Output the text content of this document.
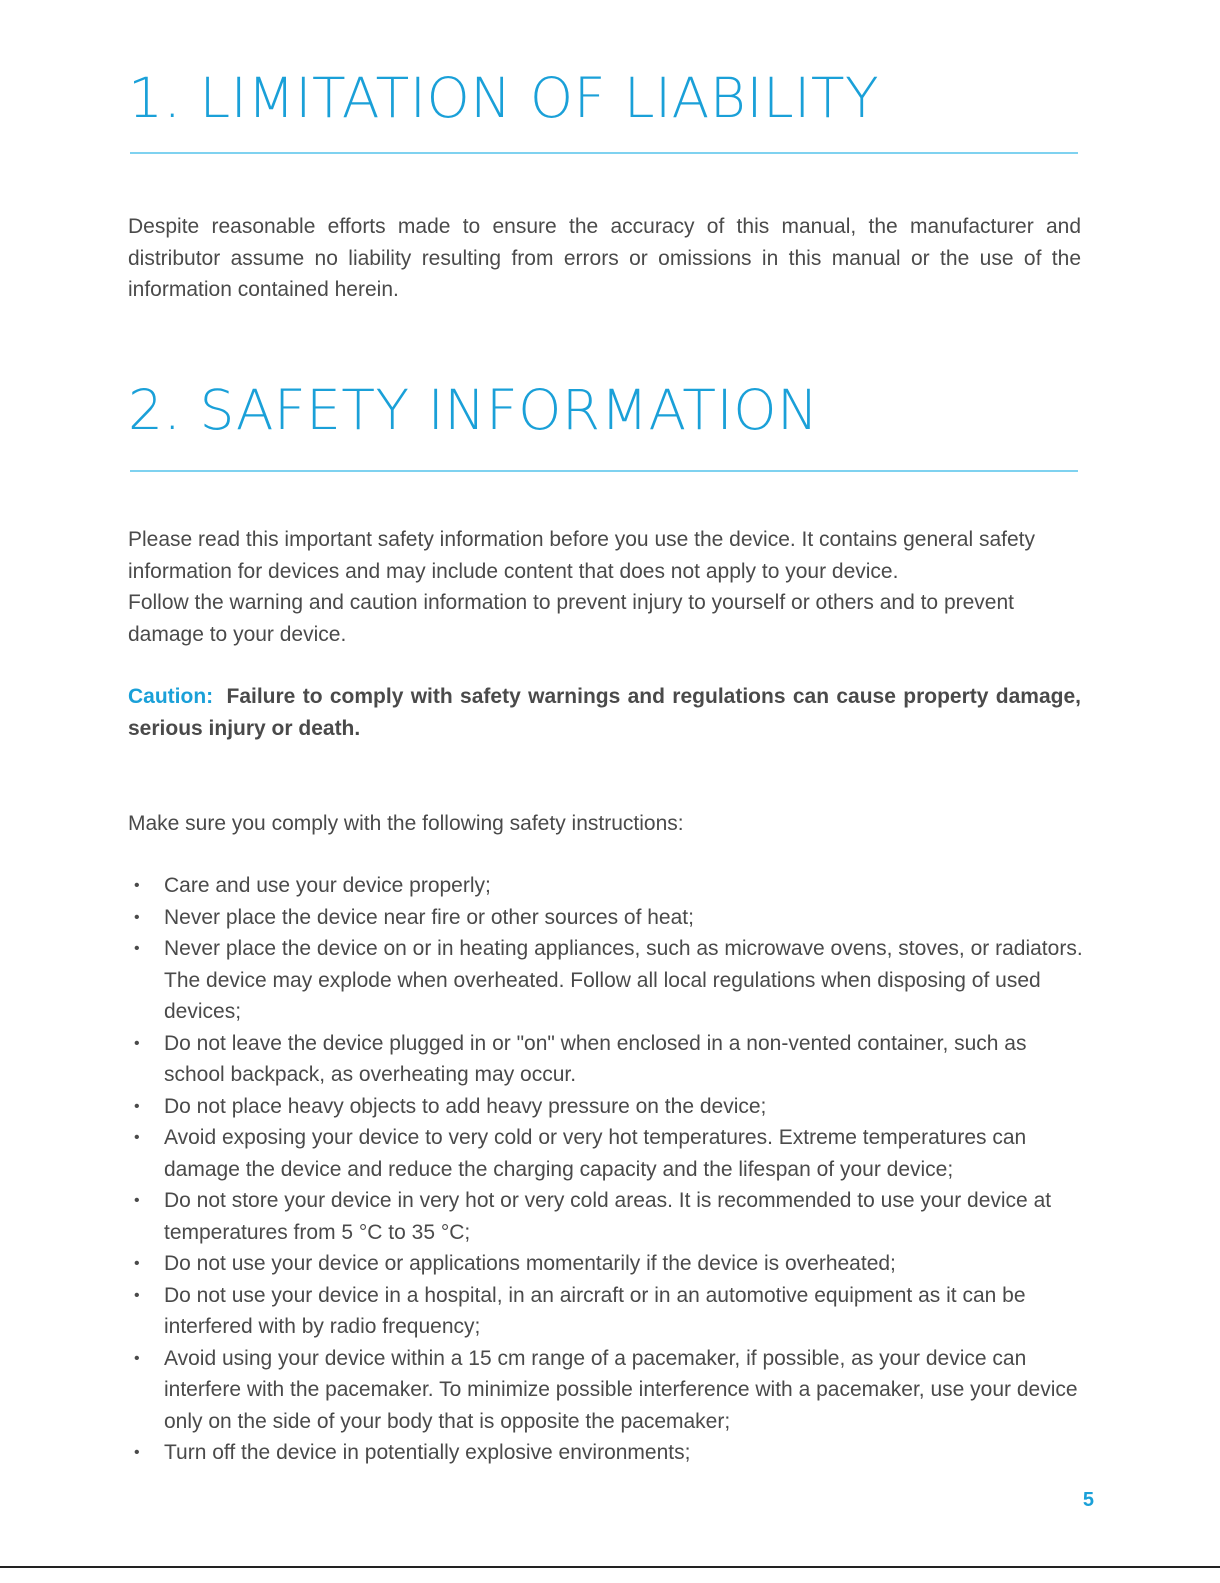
1. LIMITATION OF LIABILITY

Despite reasonable efforts made to ensure the accuracy of this manual, the manufacturer and distributor assume no liability resulting from errors or omissions in this manual or the use of the information contained herein.

2. SAFETY INFORMATION

Please read this important safety information before you use the device. It contains general safety information for devices and may include content that does not apply to your device.

Follow the warning and caution information to prevent injury to yourself or others and to prevent damage to your device.

Caution: Failure to comply with safety warnings and regulations can cause property damage, serious injury or death.

Make sure you comply with the following safety instructions:

• Care and use your device properly;
• Never place the device near fire or other sources of heat;
• Never place the device on or in heating appliances, such as microwave ovens, stoves, or radiators. The device may explode when overheated. Follow all local regulations when disposing of used devices;
• Do not leave the device plugged in or "on" when enclosed in a non-vented container, such as school backpack, as overheating may occur.
• Do not place heavy objects to add heavy pressure on the device;
• Avoid exposing your device to very cold or very hot temperatures. Extreme temperatures can damage the device and reduce the charging capacity and the lifespan of your device;
• Do not store your device in very hot or very cold areas. It is recommended to use your device at temperatures from 5 °C to 35 °C;
• Do not use your device or applications momentarily if the device is overheated;
• Do not use your device in a hospital, in an aircraft or in an automotive equipment as it can be interfered with by radio frequency;
• Avoid using your device within a 15 cm range of a pacemaker, if possible, as your device can interfere with the pacemaker. To minimize possible interference with a pacemaker, use your device only on the side of your body that is opposite the pacemaker;
• Turn off the device in potentially explosive environments;

5
